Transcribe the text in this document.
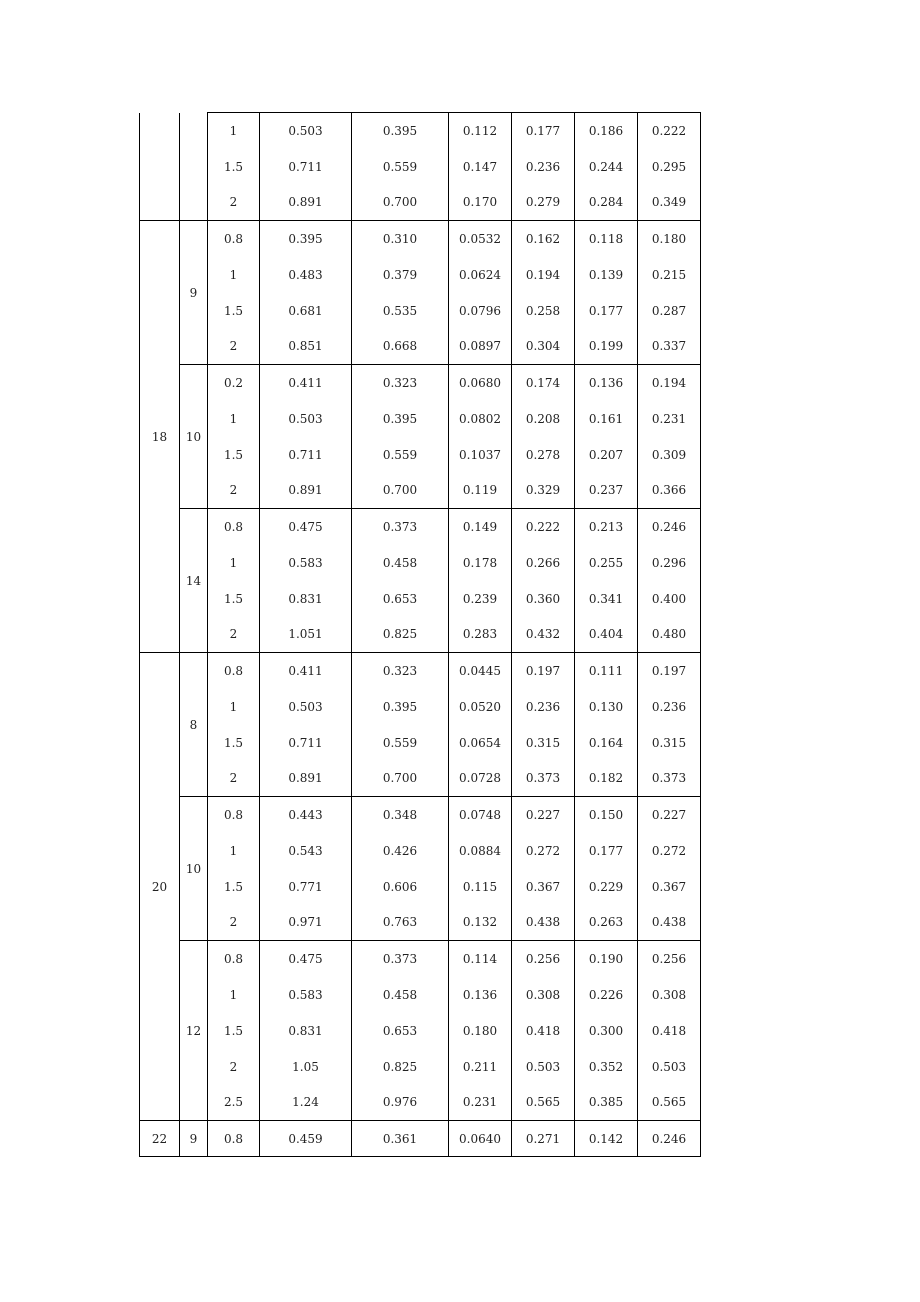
		1	0.503	0.395	0.112	0.177	0.186	0.222
		1.5	0.711	0.559	0.147	0.236	0.244	0.295
		2	0.891	0.700	0.170	0.279	0.284	0.349
18	9	0.8	0.395	0.310	0.0532	0.162	0.118	0.180
		1	0.483	0.379	0.0624	0.194	0.139	0.215
		1.5	0.681	0.535	0.0796	0.258	0.177	0.287
		2	0.851	0.668	0.0897	0.304	0.199	0.337
	10	0.2	0.411	0.323	0.0680	0.174	0.136	0.194
		1	0.503	0.395	0.0802	0.208	0.161	0.231
		1.5	0.711	0.559	0.1037	0.278	0.207	0.309
		2	0.891	0.700	0.119	0.329	0.237	0.366
	14	0.8	0.475	0.373	0.149	0.222	0.213	0.246
		1	0.583	0.458	0.178	0.266	0.255	0.296
		1.5	0.831	0.653	0.239	0.360	0.341	0.400
		2	1.051	0.825	0.283	0.432	0.404	0.480
20	8	0.8	0.411	0.323	0.0445	0.197	0.111	0.197
		1	0.503	0.395	0.0520	0.236	0.130	0.236
		1.5	0.711	0.559	0.0654	0.315	0.164	0.315
		2	0.891	0.700	0.0728	0.373	0.182	0.373
	10	0.8	0.443	0.348	0.0748	0.227	0.150	0.227
		1	0.543	0.426	0.0884	0.272	0.177	0.272
		1.5	0.771	0.606	0.115	0.367	0.229	0.367
		2	0.971	0.763	0.132	0.438	0.263	0.438
	12	0.8	0.475	0.373	0.114	0.256	0.190	0.256
		1	0.583	0.458	0.136	0.308	0.226	0.308
		1.5	0.831	0.653	0.180	0.418	0.300	0.418
		2	1.05	0.825	0.211	0.503	0.352	0.503
		2.5	1.24	0.976	0.231	0.565	0.385	0.565
22	9	0.8	0.459	0.361	0.0640	0.271	0.142	0.246
